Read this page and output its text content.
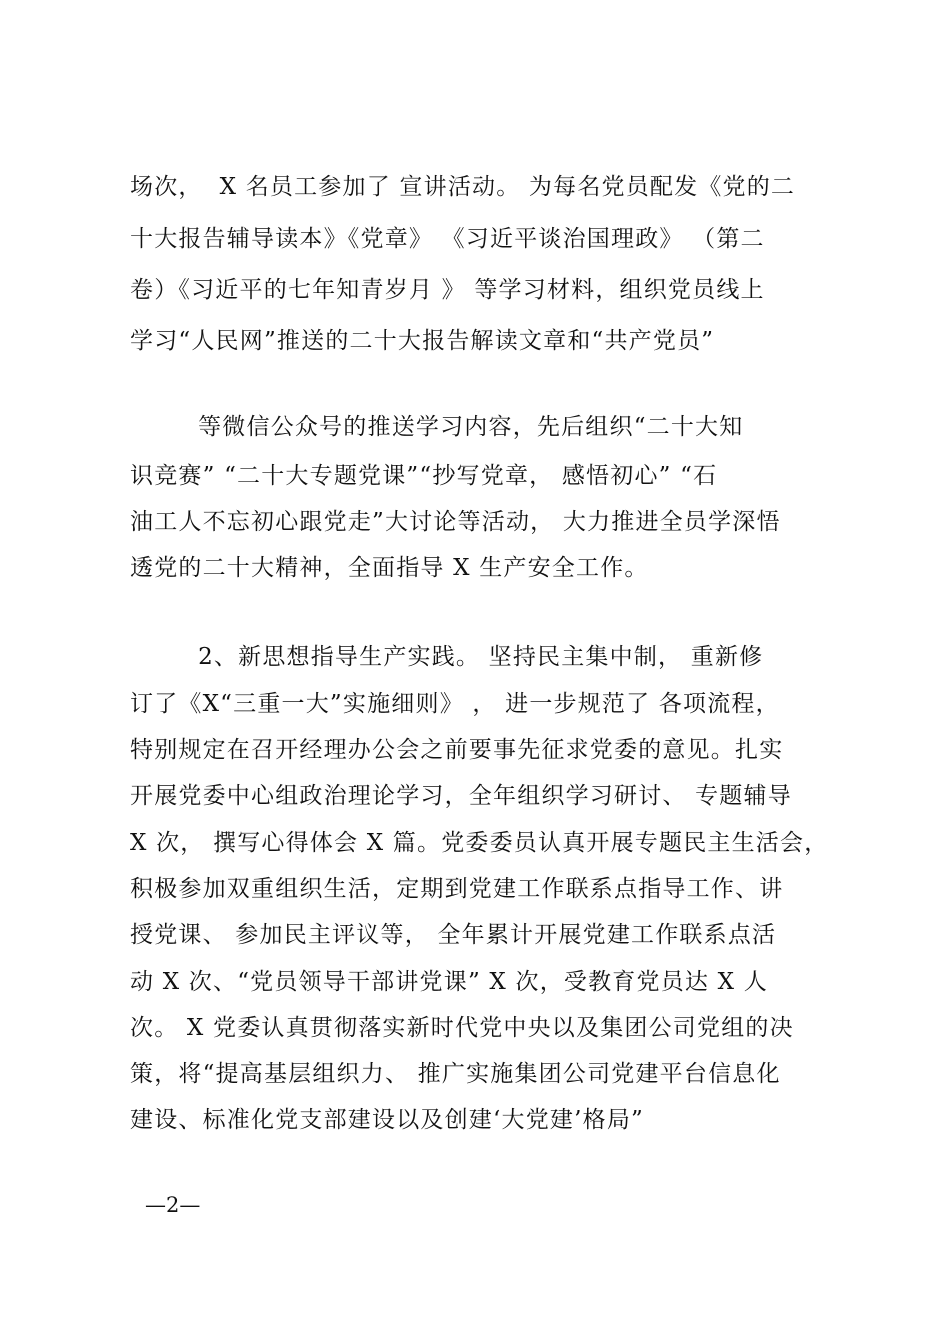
场次，  X 名员工参加了 宣讲活动。 为每名党员配发《党的二
十大报告辅导读本》《党章》 《习近平谈治国理政》 （第二
卷）《习近平的七年知青岁月 》 等学习材料，组织党员线上
学习“人民网”推送的二十大报告解读文章和“共产党员”
等微信公众号的推送学习内容，先后组织“二十大知
识竞赛” “二十大专题党课”“抄写党章， 感悟初心” “石
油工人不忘初心跟党走”大讨论等活动， 大力推进全员学深悟
透党的二十大精神，全面指导 X 生产安全工作。
2、新思想指导生产实践。 坚持民主集中制， 重新修
订了《X“三重一大”实施细则》 ， 进一步规范了 各项流程，
特别规定在召开经理办公会之前要事先征求党委的意见。扎实
开展党委中心组政治理论学习，全年组织学习研讨、 专题辅导
X 次， 撰写心得体会 X 篇。党委委员认真开展专题民主生活会，
积极参加双重组织生活，定期到党建工作联系点指导工作、讲
授党课、 参加民主评议等， 全年累计开展党建工作联系点活
动 X 次、“党员领导干部讲党课” X 次，受教育党员达 X 人
次。 X 党委认真贯彻落实新时代党中央以及集团公司党组的决
策，将“提高基层组织力、 推广实施集团公司党建平台信息化
建设、标准化党支部建设以及创建‘大党建’格局”
—2—
